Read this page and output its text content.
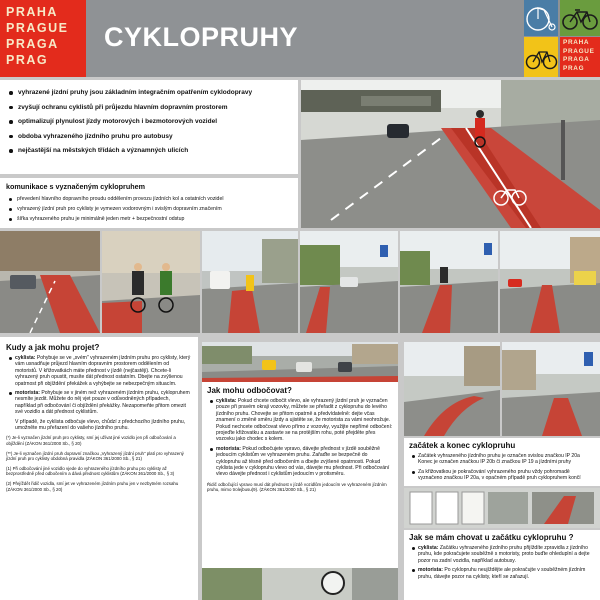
PRAHA
PRAGUE
PRAGA
PRAG
CYKLOPRUHY	PRAHA
PRAGUE
PRAGA
PRAG
vyhrazené jízdní pruhy jsou základním integračním opatřením cyklodopravy
zvyšují ochranu cyklistů při průjezdu hlavním dopravním prostorem
optimalizují plynulost jízdy motorových i bezmotorových vozidel
obdoba vyhrazeného jízdního pruhu pro autobusy
nejčastější na městských třídách a významných ulicích
komunikace s vyznačeným cyklopruhem
převedení hlavního dopravního proudu oddělením provozu jízdních kol a ostatních vozidel
vyhrazený jízdní pruh pro cyklisty je vymezen vodorovným i svislým dopravním značením
šířka vyhrazeného pruhu je minimálně jeden metr + bezpečnostní odstup
Kudy a jak mohu projet?
cyklista: Pohybuje se ve „svém" vyhrazeném jízdním pruhu pro cyklisty, který vám usnadňuje průjezd hlavním dopravním prostorem oddělením od motoristů. V křižovatkách máte přednost v jízdě (nejčastěji). Chcete-li vyhrazený pruh opustit, musíte dát přednost ostatním. Dbejte na zvýšenou opatrnost při objíždění překážek a vyhýbejte se nebezpečným situacím.
motorista: Pohybuje se v jiném než vyhrazeném jízdním pruhu, cyklopruhem nesmíte jezdit. Můžete do něj vjet pouze v odůvodněných případech, například při odbočování či objíždění překážky. Nezapomeňte přitom omezit své vozidlo a dát přednost cyklistům.

V případě, že cyklista odbočuje vlevo, chůdzí z předchozího jízdního pruhu, umožněte mu přeřazení do vašeho jízdního pruhu.

(*) Je-li vyznačen jízdní pruh pro cyklisty, smí jej užívat jiné vozidlo jen při odbočování a objíždění (ZÁKON 361/2000 Sb., § 20)
(**) Je-li vyznačen jízdní pruh dopravní značkou „Vyhrazený jízdní pruh" platí pro vyhrazený jízdní pruh pro cyklisty obdobná pravidla (ZÁKON 361/2000 Sb., § 21)
(1) Při odbočování jiné vozidlo vjede do vyhrazeného jízdního pruhu pro cyklisty až bezprostředně před odbočením a dává přednost cyklistům (ZÁKON 361/2000 Sb., § 3)
(2) Přejíždět řidič vozidla, smí jet ve vyhrazeném jízdním pruhu jen v nezbytném rozsahu (ZÁKON 361/2000 Sb., § 20)
Jak mohu odbočovat?
cyklista: Pokud chcete odbočit vlevo, ale vyhrazený jízdní pruh je vyznačen pouze při pravém okraji vozovky, můžete se přeřadit z cyklopruhu do levého jízdního pruhu. Chovejte se přitom opatrně a předvídatelně: dejte včas znamení o změně směru jízdy a ujistěte se, že motorista za vámi neohrožuje. Pokud nechcete odbočovat vlevo přímo z vozovky, využijte nepřímé odbočení: projeďte křižovatku a zastavte se na protějším rohu, poté přejděte přes vozovku jako chodec s kolem.
motorista: Pokud odbočujete vpravo, dávejte přednost v jízdě souběžně jedoucím cyklistům ve vyhrazeném pruhu. Zařaďte se bezpečně do cyklopruhu až těsně před odbočením a dbejte zvýšené opatrnosti. Pokud cyklista jede v cyklopruhu vlevo od vás, dávejte mu přednost. Při odbočování vlevo dávejte přednost i cyklistům jedoucím v protisměru.
Řidič odbočující vpravo musí dát přednost v jízdě vozidlům jedoucím ve vyhrazeném jízdním pruhu, mimo trolejbusu(9). (ZÁKON 361/2000 Sb., § 21)
začátek a konec cyklopruhu
Začátek vyhrazeného jízdního pruhu je označen svislou značkou IP 20a Konec je označen značkou IP 20b či značkou IP 19 a jízdními pruhy
Za křižovatkou je pokračování vyhrazeného pruhu vždy pohromadě vyznačeno značkou IP 20a, v opačném případě pruh cyklopruhem končí
Jak se mám chovat u začátku cyklopruhu ?
cyklista: Začátku vyhrazeného jízdního pruhu přijíždíte zpravidla z jízdního pruhu, kde pokračujete souběžně s motoristy, proto buďte ohleduplní a dejte pozor na zadní vozidla, například autobusy.
motorista: Po cyklopruhu neujíždějte ale pokračujte v souběžném jízdním pruhu, dávejte pozor na cyklisty, kteří se zařazují.
